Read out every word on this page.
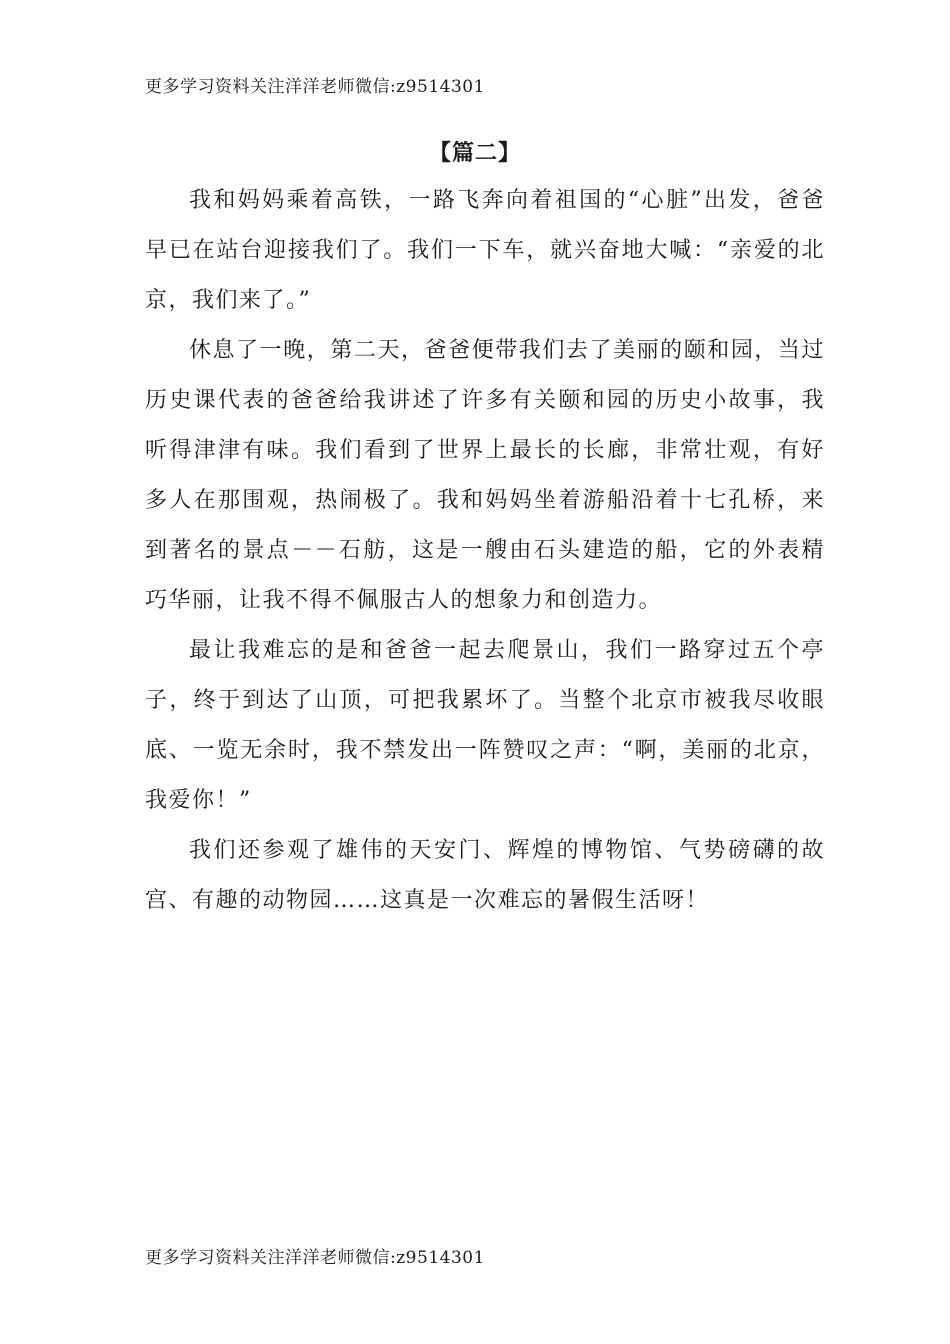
更多学习资料关注洋洋老师微信:z9514301
【篇二】

我和妈妈乘着高铁，一路飞奔向着祖国的“心脏”出发，爸爸早已在站台迎接我们了。我们一下车，就兴奋地大喊：“亲爱的北京，我们来了。”

休息了一晚，第二天，爸爸便带我们去了美丽的颐和园，当过历史课代表的爸爸给我讲述了许多有关颐和园的历史小故事，我听得津津有味。我们看到了世界上最长的长廊，非常壮观，有好多人在那围观，热闹极了。我和妈妈坐着游船沿着十七孔桥，来到著名的景点－－石舫，这是一艘由石头建造的船，它的外表精巧华丽，让我不得不佩服古人的想象力和创造力。

最让我难忘的是和爸爸一起去爬景山，我们一路穿过五个亭子，终于到达了山顶，可把我累坏了。当整个北京市被我尽收眼底、一览无余时，我不禁发出一阵赞叹之声：“啊，美丽的北京，我爱你！”

我们还参观了雄伟的天安门、辉煌的博物馆、气势磅礴的故宫、有趣的动物园……这真是一次难忘的暑假生活呀！

更多学习资料关注洋洋老师微信:z9514301
